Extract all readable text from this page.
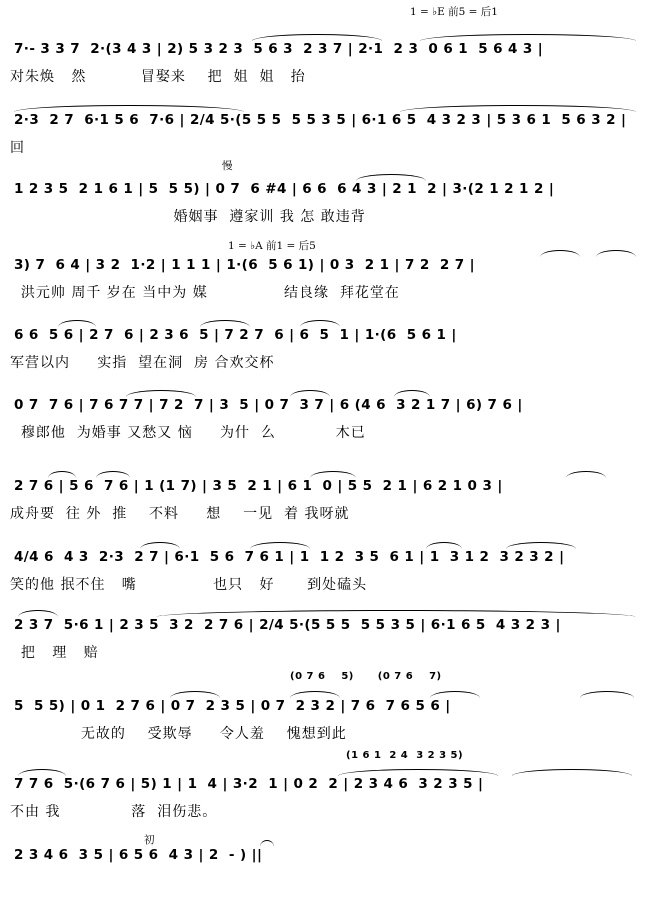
1 = ♭E 前5 = 后1
1 = ♭A 前1 = 后5
慢
初
(0 7 6    5)      (0 7 6    7)
(1 6 1  2 4  3 2 3 5)
7·- 3 3 7  2·(3 4 3 | 2) 5 3 2 3  5 6 3  2 3 7 | 2·1  2 3  0 6 1  5 6 4 3 |
对朱焕   然          冒娶来    把  姐  姐   抬
2·3  2 7  6·1 5 6  7·6 | 2/4 5·(5 5 5  5 5 3 5 | 6·1 6 5  4 3 2 3 | 5 3 6 1  5 6 3 2 |
回
1 2 3 5  2 1 6 1 | 5  5 5) | 0 7  6 #4 | 6 6  6 4 3 | 2 1  2 | 3·(2 1 2 1 2 |
婚姻事  遵家训 我 怎 敢违背
3) 7  6 4 | 3 2  1·2 | 1 1 1 | 1·(6  5 6 1) | 0 3  2 1 | 7 2  2 7 |
洪元帅 周千 岁在 当中为 媒              结良缘  拜花堂在
6 6  5 6 | 2 7  6 | 2 3 6  5 | 7 2 7  6 | 6  5  1 | 1·(6  5 6 1 |
军营以内     实指  望在洞  房 合欢交杯
0 7  7 6 | 7 6 7 7 | 7 2  7 | 3  5 | 0 7  3 7 | 6 (4 6  3 2 1 7 | 6) 7 6 |
穆郎他  为婚事 又愁又 恼     为什  么           木已
2 7 6 | 5 6  7 6 | 1 (1 7) | 3 5  2 1 | 6 1  0 | 5 5  2 1 | 6 2 1 0 3 |
成舟要  往 外  推    不料     想    一见  着 我呀就
4/4 6  4 3  2·3  2 7 | 6·1  5 6  7 6 1 | 1  1 2  3 5  6 1 | 1  3 1 2  3 2 3 2 |
笑的他 抿不住   嘴              也只   好      到处磕头
2 3 7  5·6 1 | 2 3 5  3 2  2 7 6 | 2/4 5·(5 5 5  5 5 3 5 | 6·1 6 5  4 3 2 3 |
把   理   赔
5  5 5) | 0 1  2 7 6 | 0 7  2 3 5 | 0 7  2 3 2 | 7 6  7 6 5 6 |
无故的    受欺辱     令人羞    愧想到此
7 7 6  5·(6 7 6 | 5) 1 | 1  4 | 3·2  1 | 0 2  2 | 2 3 4 6  3 2 3 5 |
不由 我             落  泪伤悲。
2 3 4 6  3 5 | 6 5 6  4 3 | 2  - ) ||
